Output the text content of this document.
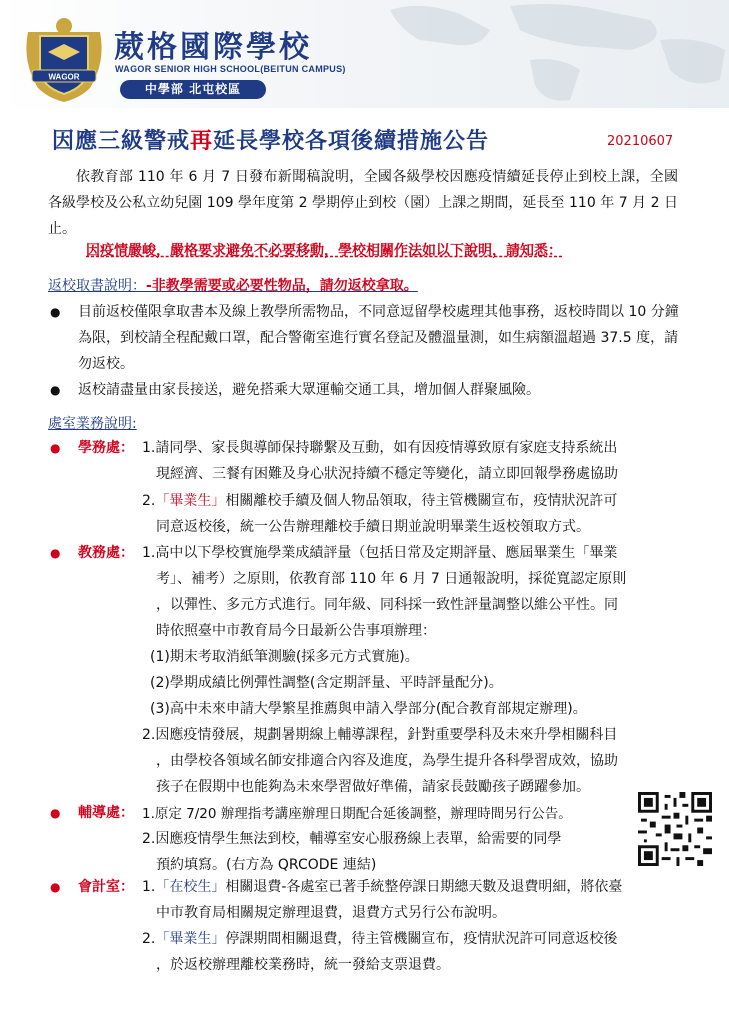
WAGOR
葳格國際學校
WAGOR SENIOR HIGH SCHOOL(BEITUN CAMPUS)
中學部 北屯校區
因應三級警戒再延長學校各項後續措施公告	20210607

依教育部 110 年 6 月 7 日發布新聞稿說明，全國各級學校因應疫情續延長停止到校上課，全國各級學校及公私立幼兒園 109 學年度第 2 學期停止到校（園）上課之期間，延長至 110 年 7 月 2 日止。

因疫情嚴峻，嚴格要求避免不必要移動，學校相關作法如以下說明，請知悉：
返校取書說明：-非教學需要或必要性物品，請勿返校拿取。
● 目前返校僅限拿取書本及線上教學所需物品，不同意逗留學校處理其他事務，返校時間以 10 分鐘為限，到校請全程配戴口罩，配合警衛室進行實名登記及體溫量測，如生病額溫超過 37.5 度，請勿返校。
● 返校請盡量由家長接送，避免搭乘大眾運輸交通工具，增加個人群聚風險。
處室業務說明:
● 學務處： 1.請同學、家長與導師保持聯繫及互動，如有因疫情導致原有家庭支持系統出
現經濟、三餐有困難及身心狀況持續不穩定等變化，請立即回報學務處協助
2.「畢業生」相關離校手續及個人物品領取，待主管機關宣布，疫情狀況許可
同意返校後，統一公告辦理離校手續日期並說明畢業生返校領取方式。
● 教務處： 1.高中以下學校實施學業成績評量（包括日常及定期評量、應屆畢業生「畢業
考」、補考）之原則，依教育部 110 年 6 月 7 日通報說明，採從寬認定原則
，以彈性、多元方式進行。同年級、同科採一致性評量調整以維公平性。同
時依照臺中市教育局今日最新公告事項辦理：
(1)期末考取消紙筆測驗(採多元方式實施)。
(2)學期成績比例彈性調整(含定期評量、平時評量配分)。
(3)高中未來申請大學繁星推薦與申請入學部分(配合教育部規定辦理)。
2.因應疫情發展，規劃暑期線上輔導課程，針對重要學科及未來升學相關科目
，由學校各領域名師安排適合內容及進度，為學生提升各科學習成效，協助
孩子在假期中也能夠為未來學習做好準備，請家長鼓勵孩子踴躍參加。
● 輔導處： 1.原定 7/20 辦理指考講座辦理日期配合延後調整，辦理時間另行公告。
2.因應疫情學生無法到校，輔導室安心服務線上表單，給需要的同學
預約填寫。(右方為 QRCODE 連結)
● 會計室： 1.「在校生」相關退費-各處室已著手統整停課日期總天數及退費明細，將依臺
中市教育局相關規定辦理退費，退費方式另行公布說明。
2.「畢業生」停課期間相關退費，待主管機關宣布，疫情狀況許可同意返校後
，於返校辦理離校業務時，統一發給支票退費。
